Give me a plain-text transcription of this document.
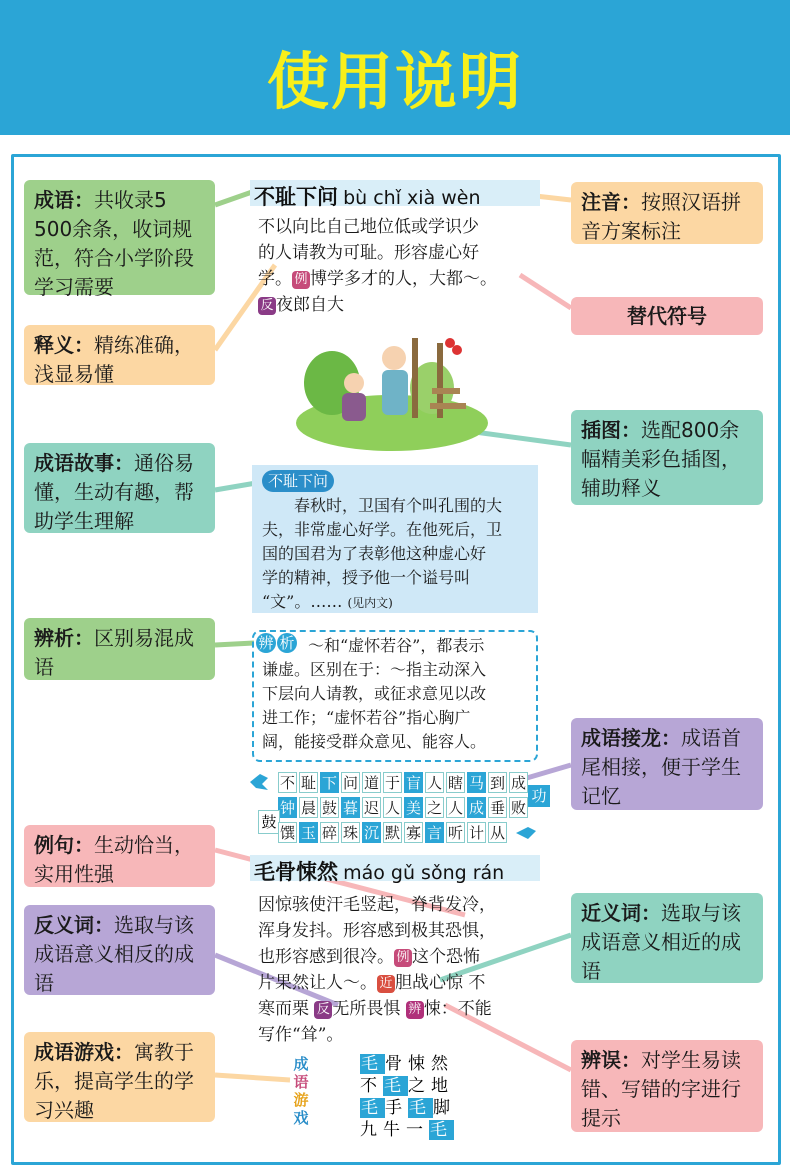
使用说明
成语：共收录5 500余条，收词规范，符合小学阶段学习需要
释义：精练准确，浅显易懂
成语故事：通俗易懂，生动有趣，帮助学生理解
辨析：区别易混成语
例句：生动恰当，实用性强
反义词：选取与该成语意义相反的成语
成语游戏：寓教于乐，提高学生的学习兴趣
注音：按照汉语拼音方案标注
替代符号
插图：选配800余幅精美彩色插图，辅助释义
成语接龙：成语首尾相接，便于学生记忆
近义词：选取与该成语意义相近的成语
辨误：对学生易读错、写错的字进行提示
不耻下问 bù chǐ xià wèn
不以向比自己地位低或学识少
的人请教为可耻。形容虚心好
学。 例 博学多才的人，大都～。
反 夜郎自大
不耻下问
春秋时，卫国有个叫孔围的大
夫，非常虚心好学。在他死后，卫
国的国君为了表彰他这种虚心好
学的精神，授予他一个谥号叫
“文”。…… (见内文)
辨 析 ～和“虚怀若谷”，都表示
谦虚。区别在于：～指主动深入
下层向人请教，或征求意见以改
进工作；“虚怀若谷”指心胸广
阔，能接受群众意见、能容人。
不 耻 下 问 道 于 盲 人 瞎 马 到 成
功
钟 晨 鼓 暮 迟 人 美 之 人 成 垂 败
鼓
馔 玉 碎 珠 沉 默 寡 言 听 计 从
毛骨悚然 máo gǔ sǒng rán
因惊骇使汗毛竖起，脊背发冷，
浑身发抖。形容感到极其恐惧，
也形容感到很冷。 例 这个恐怖
片果然让人～。 近 胆战心惊 不
寒而栗 反 无所畏惧 辨 悚：不能
写作“耸”。
成
语
游
戏
毛骨悚然
不毛之地
毛手毛脚
九牛一毛
